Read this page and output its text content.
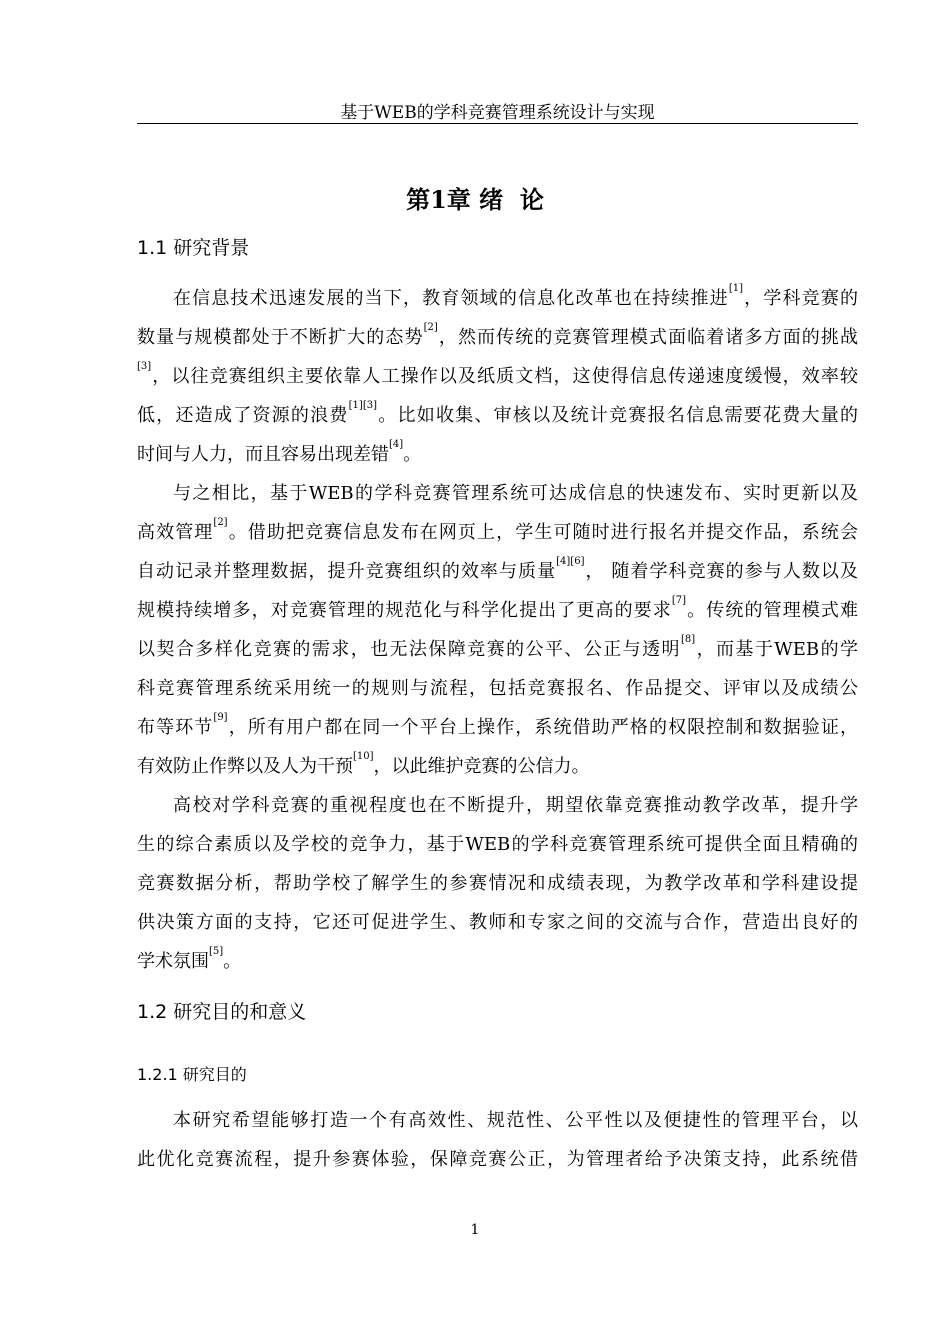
基于WEB的学科竞赛管理系统设计与实现
第1章 绪  论
1.1 研究背景
在信息技术迅速发展的当下，教育领域的信息化改革也在持续推进[1]，学科竞赛的
数量与规模都处于不断扩大的态势[2]，然而传统的竞赛管理模式面临着诸多方面的挑战
[3]，以往竞赛组织主要依靠人工操作以及纸质文档，这使得信息传递速度缓慢，效率较
低，还造成了资源的浪费[1][3]。比如收集、审核以及统计竞赛报名信息需要花费大量的
时间与人力，而且容易出现差错[4]。
与之相比，基于WEB的学科竞赛管理系统可达成信息的快速发布、实时更新以及
高效管理[2]。借助把竞赛信息发布在网页上，学生可随时进行报名并提交作品，系统会
自动记录并整理数据，提升竞赛组织的效率与质量[4][6]， 随着学科竞赛的参与人数以及
规模持续增多，对竞赛管理的规范化与科学化提出了更高的要求[7]。传统的管理模式难
以契合多样化竞赛的需求，也无法保障竞赛的公平、公正与透明[8]，而基于WEB的学
科竞赛管理系统采用统一的规则与流程，包括竞赛报名、作品提交、评审以及成绩公
布等环节[9]，所有用户都在同一个平台上操作，系统借助严格的权限控制和数据验证，
有效防止作弊以及人为干预[10]，以此维护竞赛的公信力。
高校对学科竞赛的重视程度也在不断提升，期望依靠竞赛推动教学改革，提升学
生的综合素质以及学校的竞争力，基于WEB的学科竞赛管理系统可提供全面且精确的
竞赛数据分析，帮助学校了解学生的参赛情况和成绩表现，为教学改革和学科建设提
供决策方面的支持，它还可促进学生、教师和专家之间的交流与合作，营造出良好的
学术氛围[5]。
1.2 研究目的和意义
1.2.1 研究目的
本研究希望能够打造一个有高效性、规范性、公平性以及便捷性的管理平台，以
此优化竞赛流程，提升参赛体验，保障竞赛公正，为管理者给予决策支持，此系统借
1
